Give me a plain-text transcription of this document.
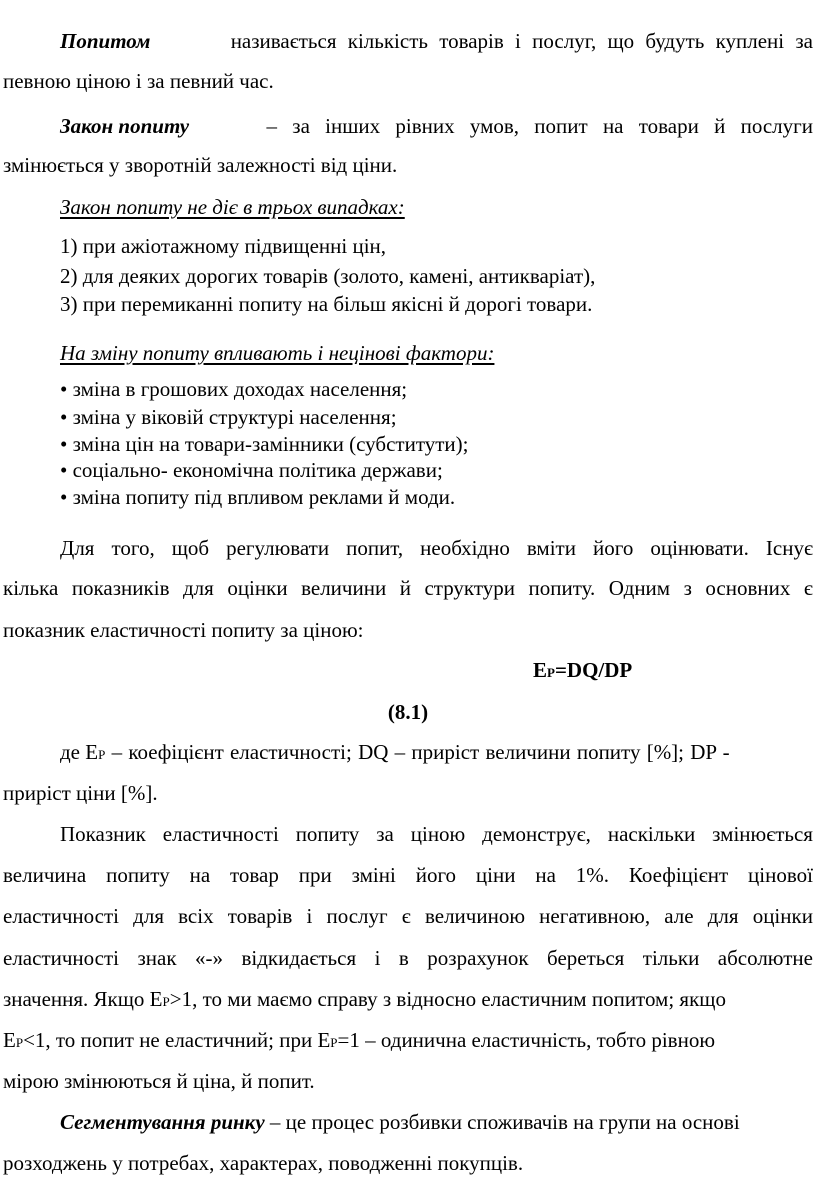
Попитом	називається кількість товарів і послуг, що будуть куплені за
певною ціною і за певний час.
Закон попиту	– за інших рівних умов, попит на товари й послуги
змінюється у зворотній залежності від ціни.
Закон попиту не діє в трьох випадках:
1) при ажіотажному підвищенні цін,
2) для деяких дорогих товарів (золото, камені, антикваріат),
3) при перемиканні попиту на більш якісні й дорогі товари.
На зміну попиту впливають і нецінові фактори:
• зміна в грошових доходах населення;
• зміна у віковій структурі населення;
• зміна цін на товари-замінники (субститути);
• соціально- економічна політика держави;
• зміна попиту під впливом реклами й моди.
Для того, щоб регулювати попит, необхідно вміти його оцінювати. Існує
кілька показників для оцінки величини й структури попиту. Одним з основних є
показник еластичності попиту за ціною:
EP=DQ/DP
(8.1)
де EP – коефіцієнт еластичності; DQ – приріст величини попиту [%]; DP -
приріст ціни [%].
Показник еластичності попиту за ціною демонструє, наскільки змінюється
величина попиту на товар при зміні його ціни на 1%. Коефіцієнт цінової
еластичності для всіх товарів і послуг є величиною негативною, але для оцінки
еластичності знак «-» відкидається і в розрахунок береться тільки абсолютне
значення. Якщо EP>1, то ми маємо справу з відносно еластичним попитом; якщо
EP<1, то попит не еластичний; при EP=1 – одинична еластичність, тобто рівною
мірою змінюються й ціна, й попит.
Сегментування ринку – це процес розбивки споживачів на групи на основі
розходжень у потребах, характерах, поводженні покупців.
